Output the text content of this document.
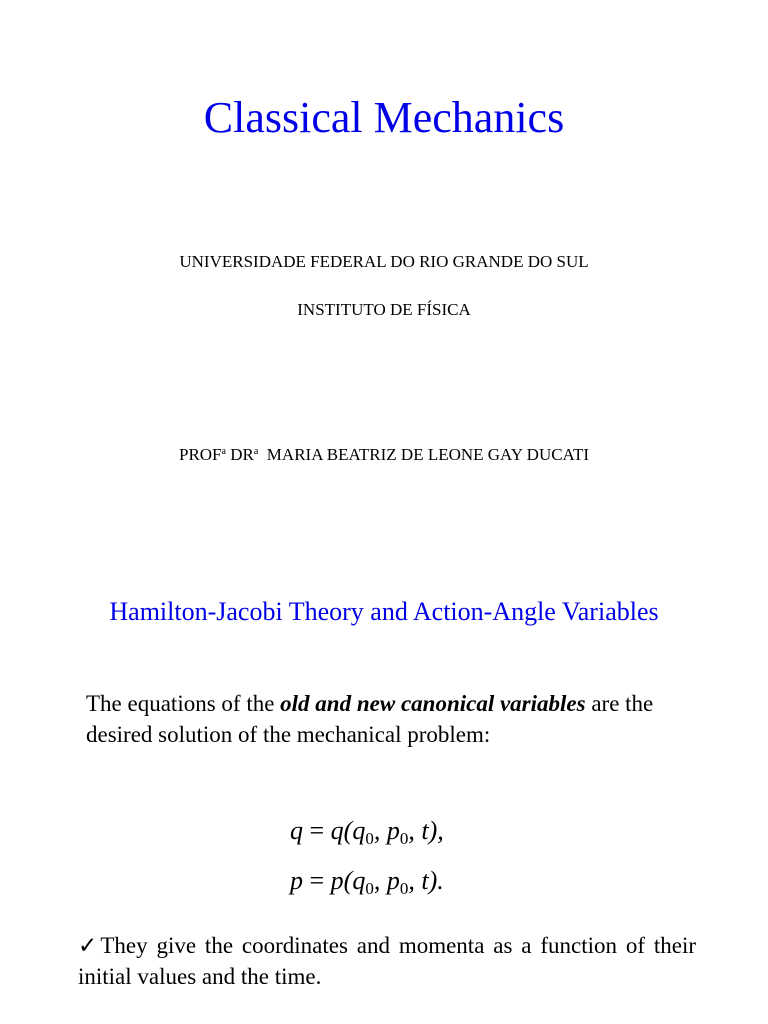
Classical Mechanics

UNIVERSIDADE FEDERAL DO RIO GRANDE DO SUL

INSTITUTO DE FÍSICA

PROF$^a$ $DR^a$  MARIA BEATRIZ DE LEONE GAY DUCATI

Hamilton-Jacobi Theory and Action-Angle Variables

The equations of the old and new canonical variables are the desired solution of the mechanical problem:

$q = q(q_0$, $p_0$, t),
$p = p(q_0$, $p_0$, t).

✓They give the coordinates and momenta as a function of their initial values and the time.
